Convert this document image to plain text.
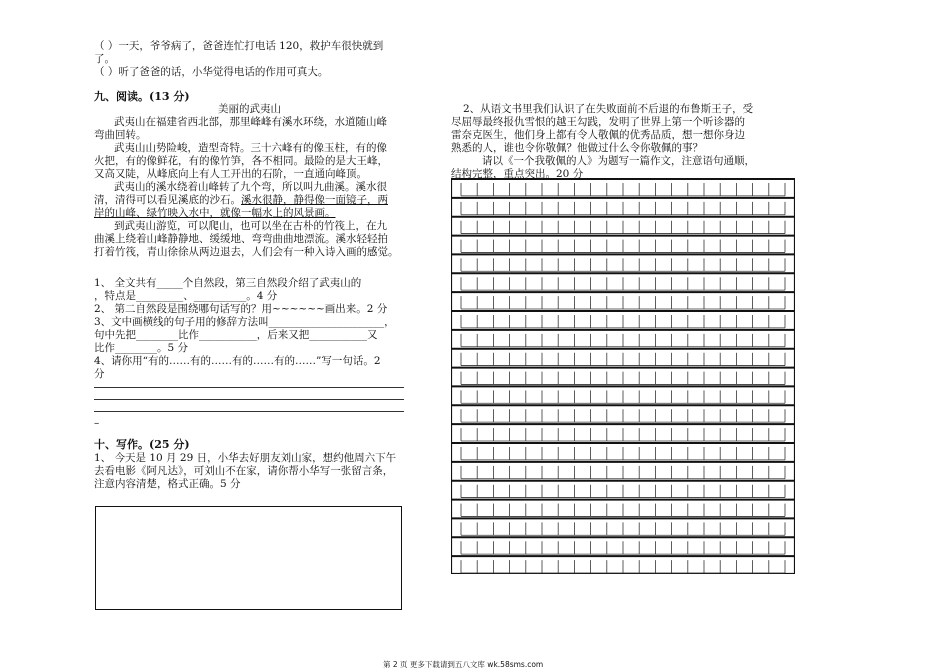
（ ）一天，爷爷病了，爸爸连忙打电话 120，救护车很快就到
了。
（ ）听了爸爸的话，小华觉得电话的作用可真大。
九、阅读。(13 分)
美丽的武夷山
武夷山在福建省西北部，那里峰峰有溪水环绕，水道随山峰
弯曲回转。
武夷山山势险峻，造型奇特。三十六峰有的像玉柱，有的像
火把，有的像鲜花，有的像竹笋，各不相同。最险的是大王峰，
又高又陡，从峰底向上有人工开出的石阶，一直通向峰顶。
武夷山的溪水绕着山峰转了九个弯，所以叫九曲溪。溪水很
清，清得可以看见溪底的沙石。溪水很静，静得像一面镜子，两
岸的山峰、绿竹映入水中，就像一幅水上的风景画。
到武夷山游览，可以爬山，也可以坐在古朴的竹筏上，在九
曲溪上绕着山峰静静地、缓缓地、弯弯曲曲地漂流。溪水轻轻拍
打着竹筏，青山徐徐从两边退去，人们会有一种入诗入画的感觉。
1、 全文共有_____个自然段，第三自然段介绍了武夷山的
，特点是_________、__________。4 分
2、 第二自然段是围绕哪句话写的？用~~~~~~画出来。2 分
3、文中画横线的句子用的修辞方法叫______________________，
句中先把________比作___________，后来又把___________又
比作________。5 分
4、请你用“有的……有的……有的……有的……”写一句话。2
分
–
十、写作。(25 分)
1、 今天是 10 月 29 日，小华去好朋友刘山家，想约他周六下午
去看电影《阿凡达》，可刘山不在家，请你帮小华写一张留言条，
注意内容清楚，格式正确。5 分
2、从语文书里我们认识了在失败面前不后退的布鲁斯王子，受
尽屈辱最终报仇雪恨的越王勾践，发明了世界上第一个听诊器的
雷奈克医生，他们身上都有令人敬佩的优秀品质，想一想你身边
熟悉的人，谁也令你敬佩？他做过什么令你敬佩的事？
请以《一个我敬佩的人》为题写一篇作文，注意语句通顺，
结构完整，重点突出。20 分
第 2 页 更多下载请到五八文库 wk.58sms.com
